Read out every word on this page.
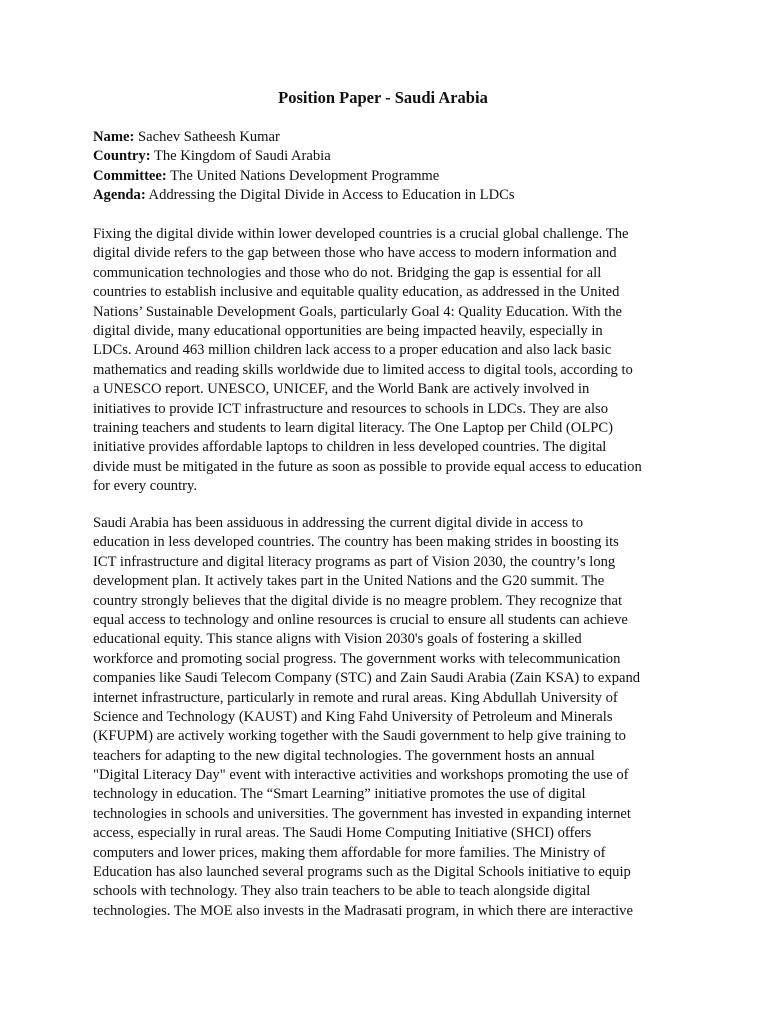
Position Paper - Saudi Arabia
Name: Sachev Satheesh Kumar
Country: The Kingdom of Saudi Arabia
Committee: The United Nations Development Programme
Agenda: Addressing the Digital Divide in Access to Education in LDCs
Fixing the digital divide within lower developed countries is a crucial global challenge. The
digital divide refers to the gap between those who have access to modern information and
communication technologies and those who do not. Bridging the gap is essential for all
countries to establish inclusive and equitable quality education, as addressed in the United
Nations’ Sustainable Development Goals, particularly Goal 4: Quality Education. With the
digital divide, many educational opportunities are being impacted heavily, especially in
LDCs. Around 463 million children lack access to a proper education and also lack basic
mathematics and reading skills worldwide due to limited access to digital tools, according to
a UNESCO report. UNESCO, UNICEF, and the World Bank are actively involved in
initiatives to provide ICT infrastructure and resources to schools in LDCs. They are also
training teachers and students to learn digital literacy. The One Laptop per Child (OLPC)
initiative provides affordable laptops to children in less developed countries. The digital
divide must be mitigated in the future as soon as possible to provide equal access to education
for every country.
Saudi Arabia has been assiduous in addressing the current digital divide in access to
education in less developed countries. The country has been making strides in boosting its
ICT infrastructure and digital literacy programs as part of Vision 2030, the country’s long
development plan. It actively takes part in the United Nations and the G20 summit. The
country strongly believes that the digital divide is no meagre problem. They recognize that
equal access to technology and online resources is crucial to ensure all students can achieve
educational equity. This stance aligns with Vision 2030's goals of fostering a skilled
workforce and promoting social progress. The government works with telecommunication
companies like Saudi Telecom Company (STC) and Zain Saudi Arabia (Zain KSA) to expand
internet infrastructure, particularly in remote and rural areas. King Abdullah University of
Science and Technology (KAUST) and King Fahd University of Petroleum and Minerals
(KFUPM) are actively working together with the Saudi government to help give training to
teachers for adapting to the new digital technologies. The government hosts an annual
"Digital Literacy Day" event with interactive activities and workshops promoting the use of
technology in education. The “Smart Learning” initiative promotes the use of digital
technologies in schools and universities. The government has invested in expanding internet
access, especially in rural areas. The Saudi Home Computing Initiative (SHCI) offers
computers and lower prices, making them affordable for more families. The Ministry of
Education has also launched several programs such as the Digital Schools initiative to equip
schools with technology. They also train teachers to be able to teach alongside digital
technologies. The MOE also invests in the Madrasati program, in which there are interactive
